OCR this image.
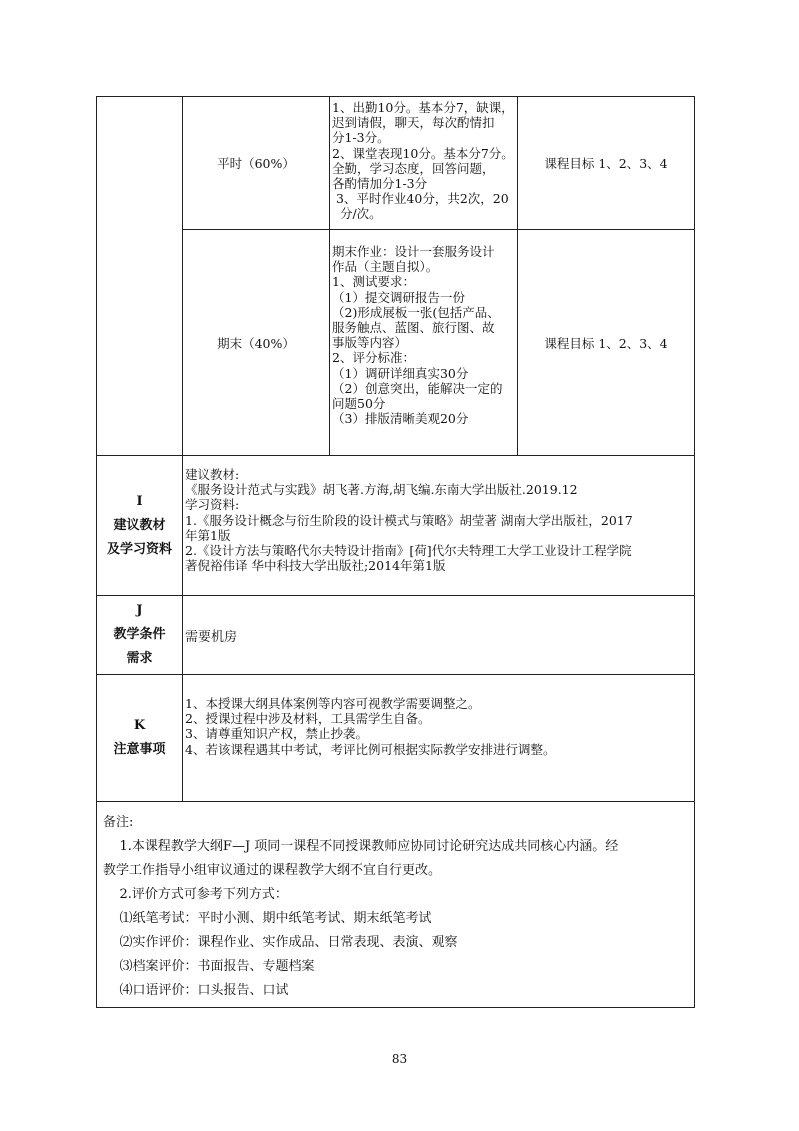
平时（60%）
1、出勤10分。基本分7，缺课，
迟到请假，聊天，每次酌情扣
分1-3分。
2、课堂表现10分。基本分7分。
全勤，学习态度，回答问题，
各酌情加分1-3分
3、平时作业40分，共2次，20
分/次。
课程目标 1、2、3、4
期末（40%）
期末作业：设计一套服务设计
作品（主题自拟）。
1、测试要求：
（1）提交调研报告一份
（2)形成展板一张(包括产品、
服务触点、蓝图、旅行图、故
事版等内容）
2、评分标准：
（1）调研详细真实30分
（2）创意突出，能解决一定的
问题50分
（3）排版清晰美观20分
课程目标 1、2、3、4
I
建议教材
及学习资料
建议教材:
《服务设计范式与实践》胡飞著.方海,胡飞编.东南大学出版社.2019.12
学习资料:
1.《服务设计概念与衍生阶段的设计模式与策略》胡莹著 湖南大学出版社，2017
年第1版
2.《设计方法与策略代尔夫特设计指南》[荷]代尔夫特理工大学工业设计工程学院
著倪裕伟译 华中科技大学出版社;2014年第1版
J
教学条件
需求
需要机房
K
注意事项
1、本授课大纲具体案例等内容可视教学需要调整之。
2、授课过程中涉及材料，工具需学生自备。
3、请尊重知识产权，禁止抄袭。
4、若该课程遇其中考试，考评比例可根据实际教学安排进行调整。
备注:
1.本课程教学大纲F—J 项同一课程不同授课教师应协同讨论研究达成共同核心内涵。经
教学工作指导小组审议通过的课程教学大纲不宜自行更改。
2.评价方式可参考下列方式：
⑴纸笔考试：平时小测、期中纸笔考试、期末纸笔考试
⑵实作评价：课程作业、实作成品、日常表现、表演、观察
⑶档案评价：书面报告、专题档案
⑷口语评价：口头报告、口试
83
